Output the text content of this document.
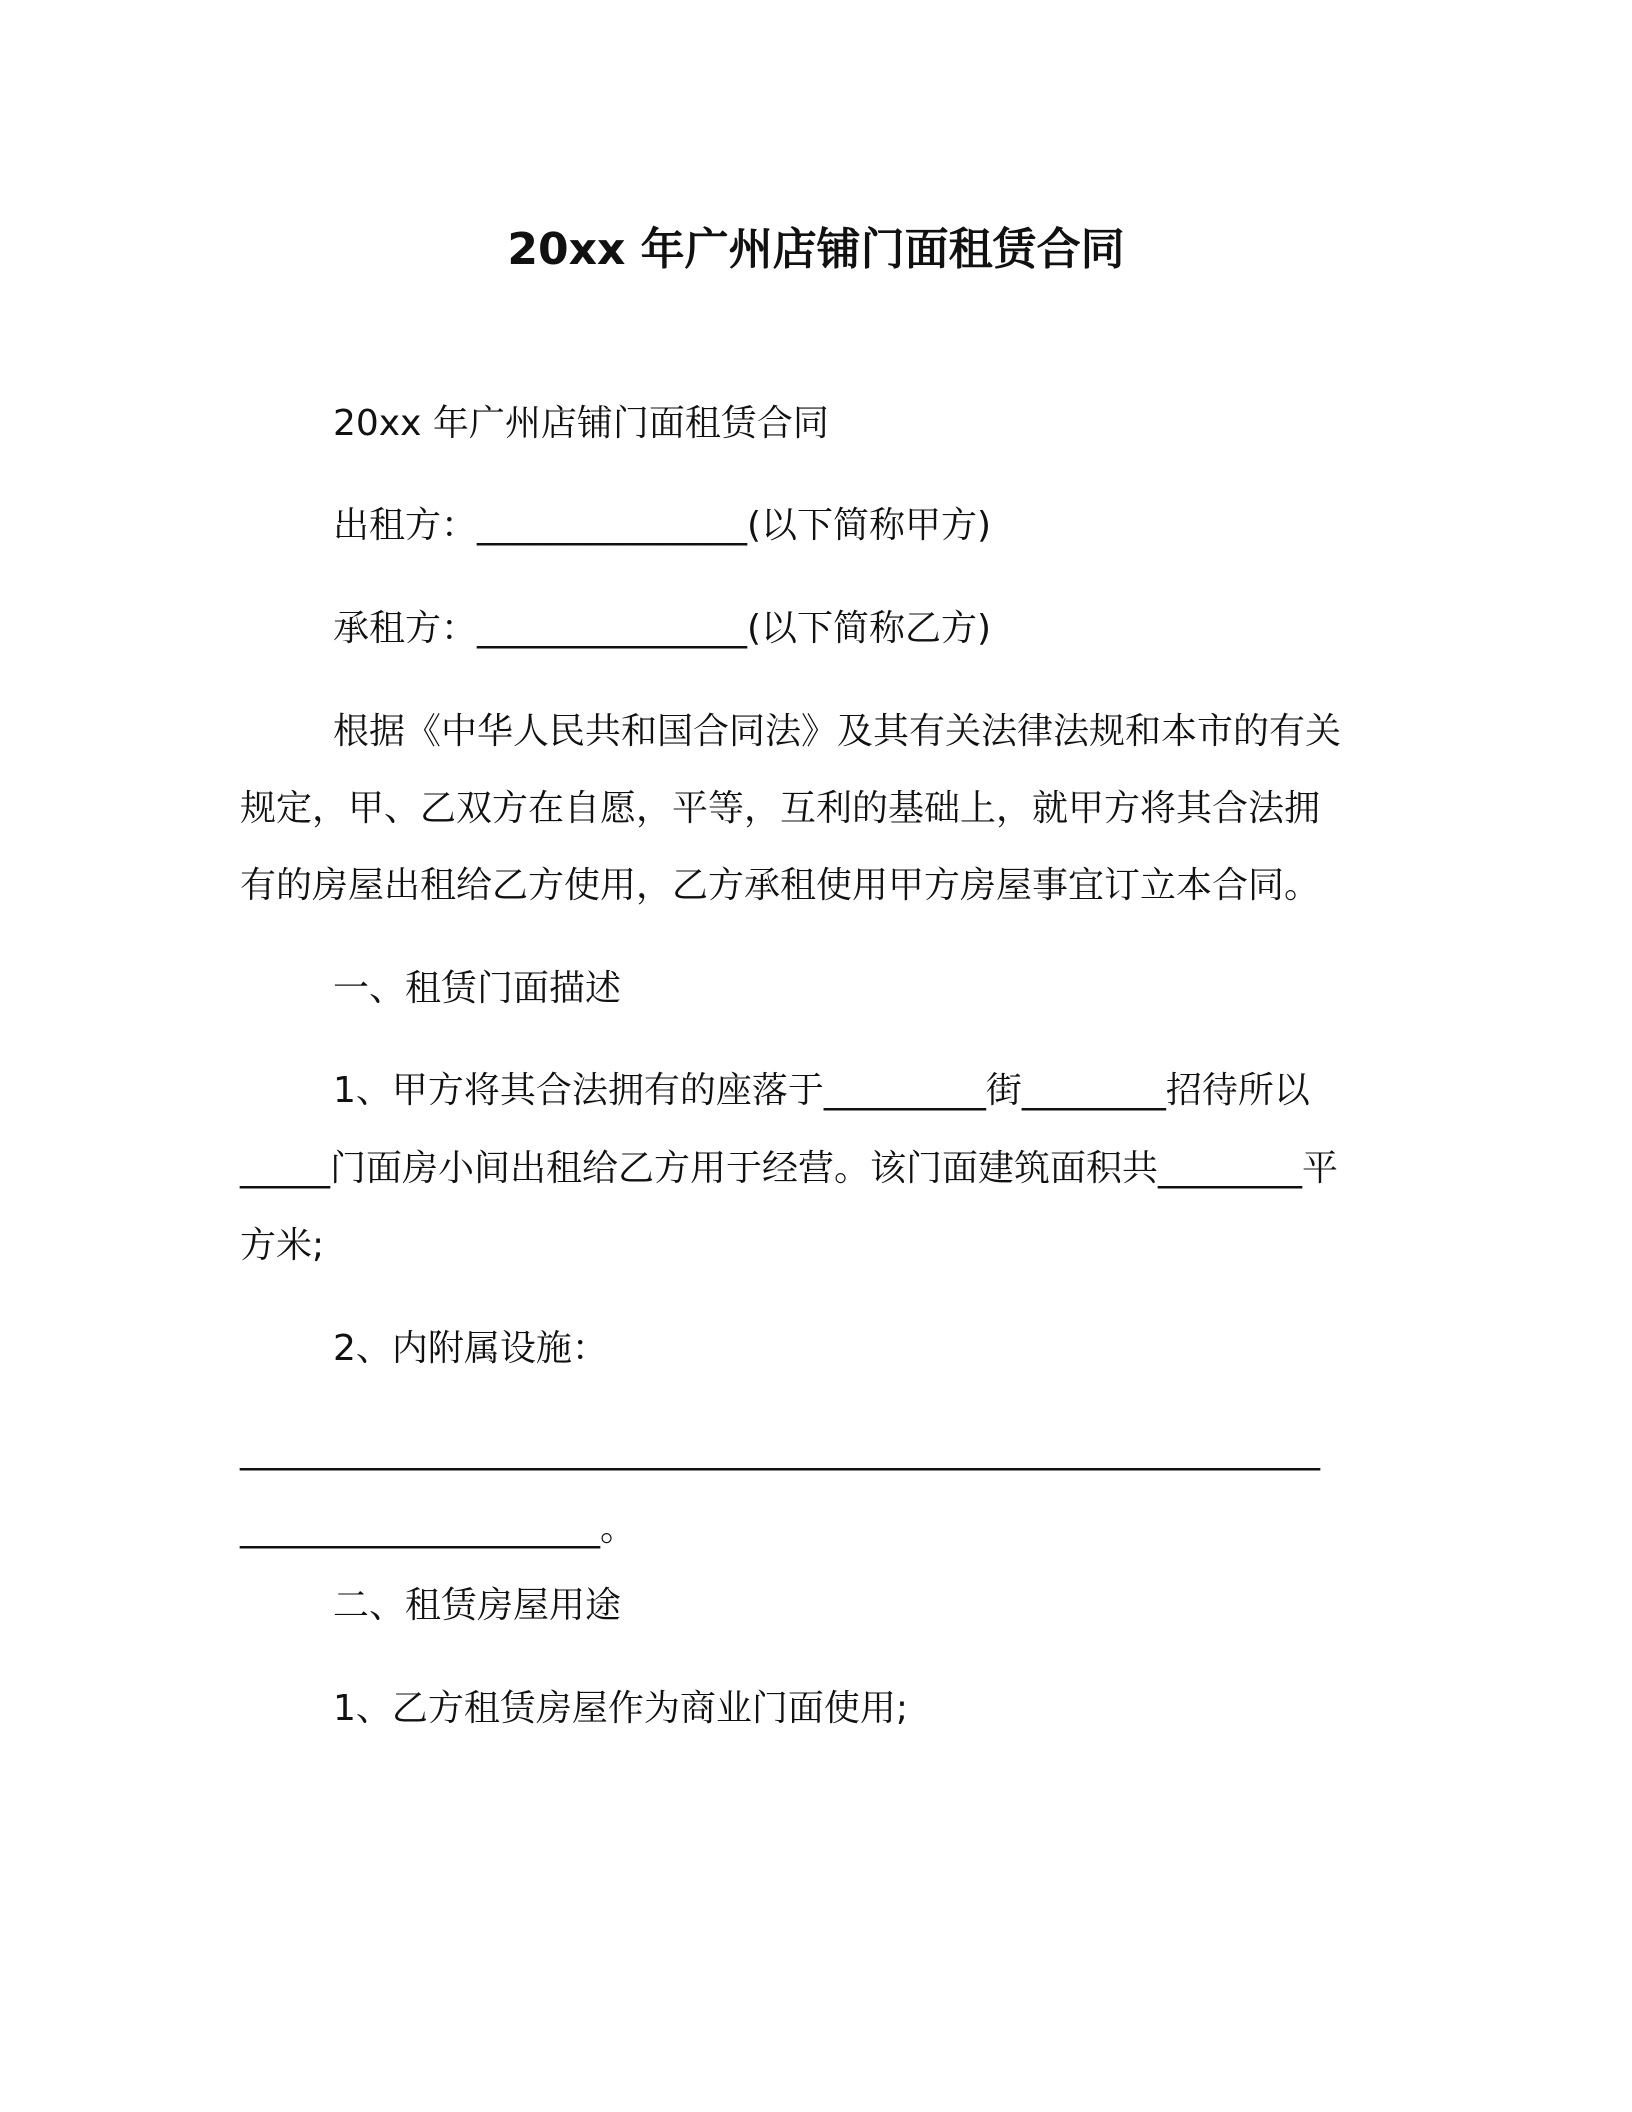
20xx 年广州店铺门面租赁合同
20xx 年广州店铺门面租赁合同
出租方：_______________(以下简称甲方)
承租方：_______________(以下简称乙方)
根据《中华人民共和国合同法》及其有关法律法规和本市的有关
规定，甲、乙双方在自愿，平等，互利的基础上，就甲方将其合法拥
有的房屋出租给乙方使用，乙方承租使用甲方房屋事宜订立本合同。
一、租赁门面描述
1、甲方将其合法拥有的座落于_________街________招待所以
_____门面房小间出租给乙方用于经营。该门面建筑面积共________平
方米;
2、内附属设施：
____________________________________________________________
____________________。
二、租赁房屋用途
1、乙方租赁房屋作为商业门面使用;
